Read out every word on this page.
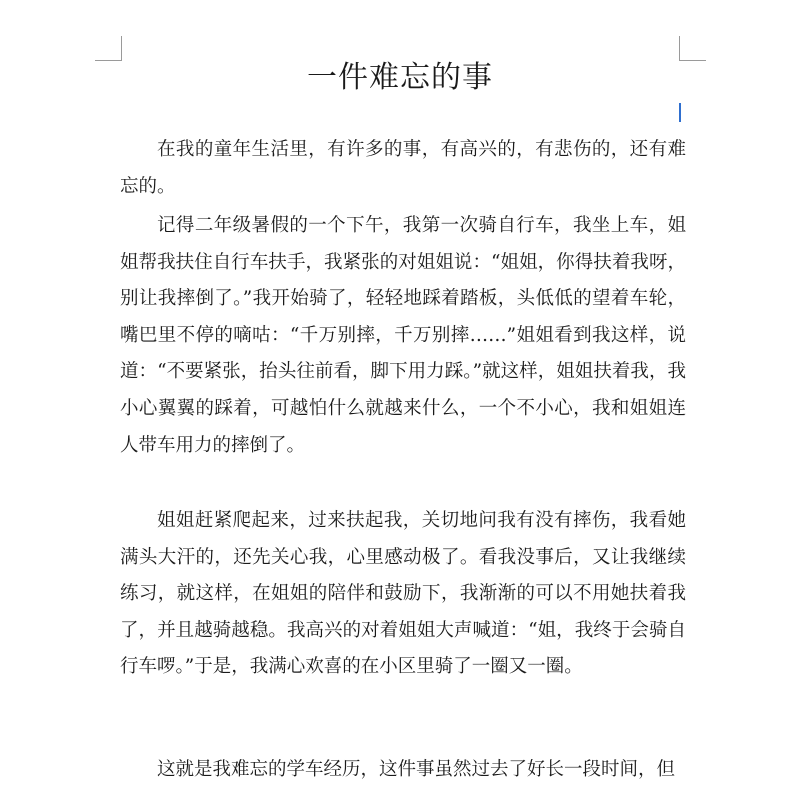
一件难忘的事

在我的童年生活里，有许多的事，有高兴的，有悲伤的，还有难忘的。

记得二年级暑假的一个下午，我第一次骑自行车，我坐上车，姐姐帮我扶住自行车扶手，我紧张的对姐姐说：“姐姐，你得扶着我呀，别让我摔倒了。”我开始骑了，轻轻地踩着踏板，头低低的望着车轮，嘴巴里不停的嘀咕：“千万别摔，千万别摔……”姐姐看到我这样，说道：“不要紧张，抬头往前看，脚下用力踩。”就这样，姐姐扶着我，我小心翼翼的踩着，可越怕什么就越来什么，一个不小心，我和姐姐连人带车用力的摔倒了。

姐姐赶紧爬起来，过来扶起我，关切地问我有没有摔伤，我看她满头大汗的，还先关心我，心里感动极了。看我没事后，又让我继续练习，就这样，在姐姐的陪伴和鼓励下，我渐渐的可以不用她扶着我了，并且越骑越稳。我高兴的对着姐姐大声喊道：“姐，我终于会骑自行车啰。”于是，我满心欢喜的在小区里骑了一圈又一圈。

这就是我难忘的学车经历，这件事虽然过去了好长一段时间，但
